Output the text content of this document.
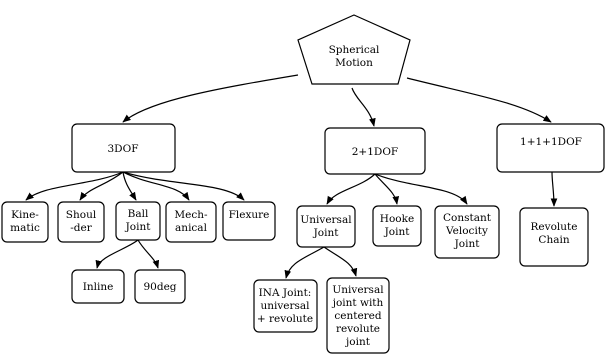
Spherical Motion
3DOF	2+1DOF
1+1+1DOF
Kine-matic
Shoul -der
Ball Joint
Mech-anical
Flexure
Inline	90deg
Universal Joint
Hooke Joint
Constant Velocity Joint
Revolute Chain
INA Joint: universal + revolute
Universal joint with centered revolute joint
